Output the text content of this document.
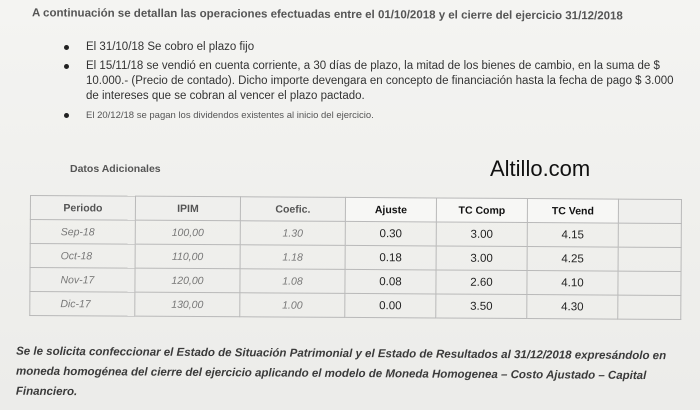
A continuación se detallan las operaciones efectuadas entre el 01/10/2018 y el cierre del ejercicio 31/12/2018
El 31/10/18 Se cobro el plazo fijo
El 15/11/18 se vendió en cuenta corriente, a 30 días de plazo, la mitad de los bienes de cambio, en la suma de $ 10.000.- (Precio de contado). Dicho importe devengara en concepto de financiación hasta la fecha de pago $ 3.000 de intereses que se cobran al vencer el plazo pactado.
El 20/12/18 se pagan los dividendos existentes al inicio del ejercicio.
Datos Adicionales	Altillo.com
Periodo	IPIM	Coefic.	Ajuste	TC Comp	TC Vend	
Sep-18	100,00	1.30	0.30	3.00	4.15	
Oct-18	110,00	1.18	0.18	3.00	4.25	
Nov-17	120,00	1.08	0.08	2.60	4.10	
Dic-17	130,00	1.00	0.00	3.50	4.30	
Se le solicita confeccionar el Estado de Situación Patrimonial y el Estado de Resultados al 31/12/2018 expresándolo en moneda homogénea del cierre del ejercicio aplicando el modelo de Moneda Homogenea – Costo Ajustado – Capital Financiero.
